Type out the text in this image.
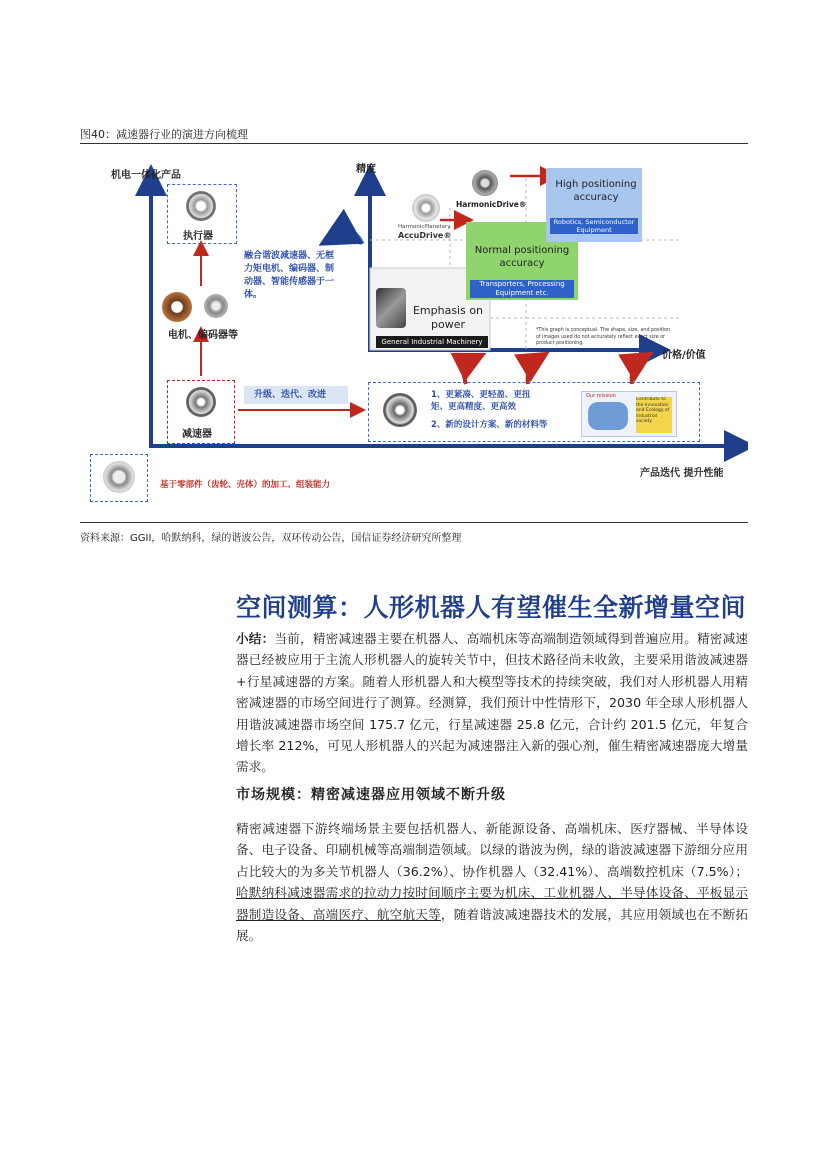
图40：减速器行业的演进方向梳理
机电一体化产品
执行器
电机、编码器等
减速器
融合谐波减速器、无框力矩电机、编码器、制动器、智能传感器于一体。
升级、迭代、改进
基于零部件（齿轮、壳体）的加工、组装能力
产品迭代 提升性能
1、更紧凑、更轻盈、更扭矩、更高精度、更高效
2、新的设计方案、新的材料等
Our mission
Contribute to the Innovation and Ecology of industrial society
精度
价格/价值
HarmonicDrive®
HarmonicPlanetary
AccuDrive®
High positioning accuracy
Robotics, Semiconductor Equipment
Normal positioning accuracy
Transporters, Processing Equipment etc.
Emphasis on power
General Industrial Machinery
*This graph is conceptual. The shape, size, and position of images used do not accurately reflect exact size or product positioning.
资料来源：GGII，哈默纳科，绿的谐波公告，双环传动公告，国信证券经济研究所整理
空间测算：人形机器人有望催生全新增量空间
小结：当前，精密减速器主要在机器人、高端机床等高端制造领域得到普遍应用。精密减速器已经被应用于主流人形机器人的旋转关节中，但技术路径尚未收敛，主要采用谐波减速器+行星减速器的方案。随着人形机器人和大模型等技术的持续突破，我们对人形机器人用精密减速器的市场空间进行了测算。经测算，我们预计中性情形下，2030 年全球人形机器人用谐波减速器市场空间 175.7 亿元，行星减速器 25.8 亿元，合计约 201.5 亿元，年复合增长率 212%，可见人形机器人的兴起为减速器注入新的强心剂，催生精密减速器庞大增量需求。
市场规模：精密减速器应用领域不断升级
精密减速器下游终端场景主要包括机器人、新能源设备、高端机床、医疗器械、半导体设备、电子设备、印刷机械等高端制造领域。以绿的谐波为例，绿的谐波减速器下游细分应用占比较大的为多关节机器人（36.2%）、协作机器人（32.41%）、高端数控机床（7.5%）；哈默纳科减速器需求的拉动力按时间顺序主要为机床、工业机器人、半导体设备、平板显示器制造设备、高端医疗、航空航天等，随着谐波减速器技术的发展，其应用领域也在不断拓展。
